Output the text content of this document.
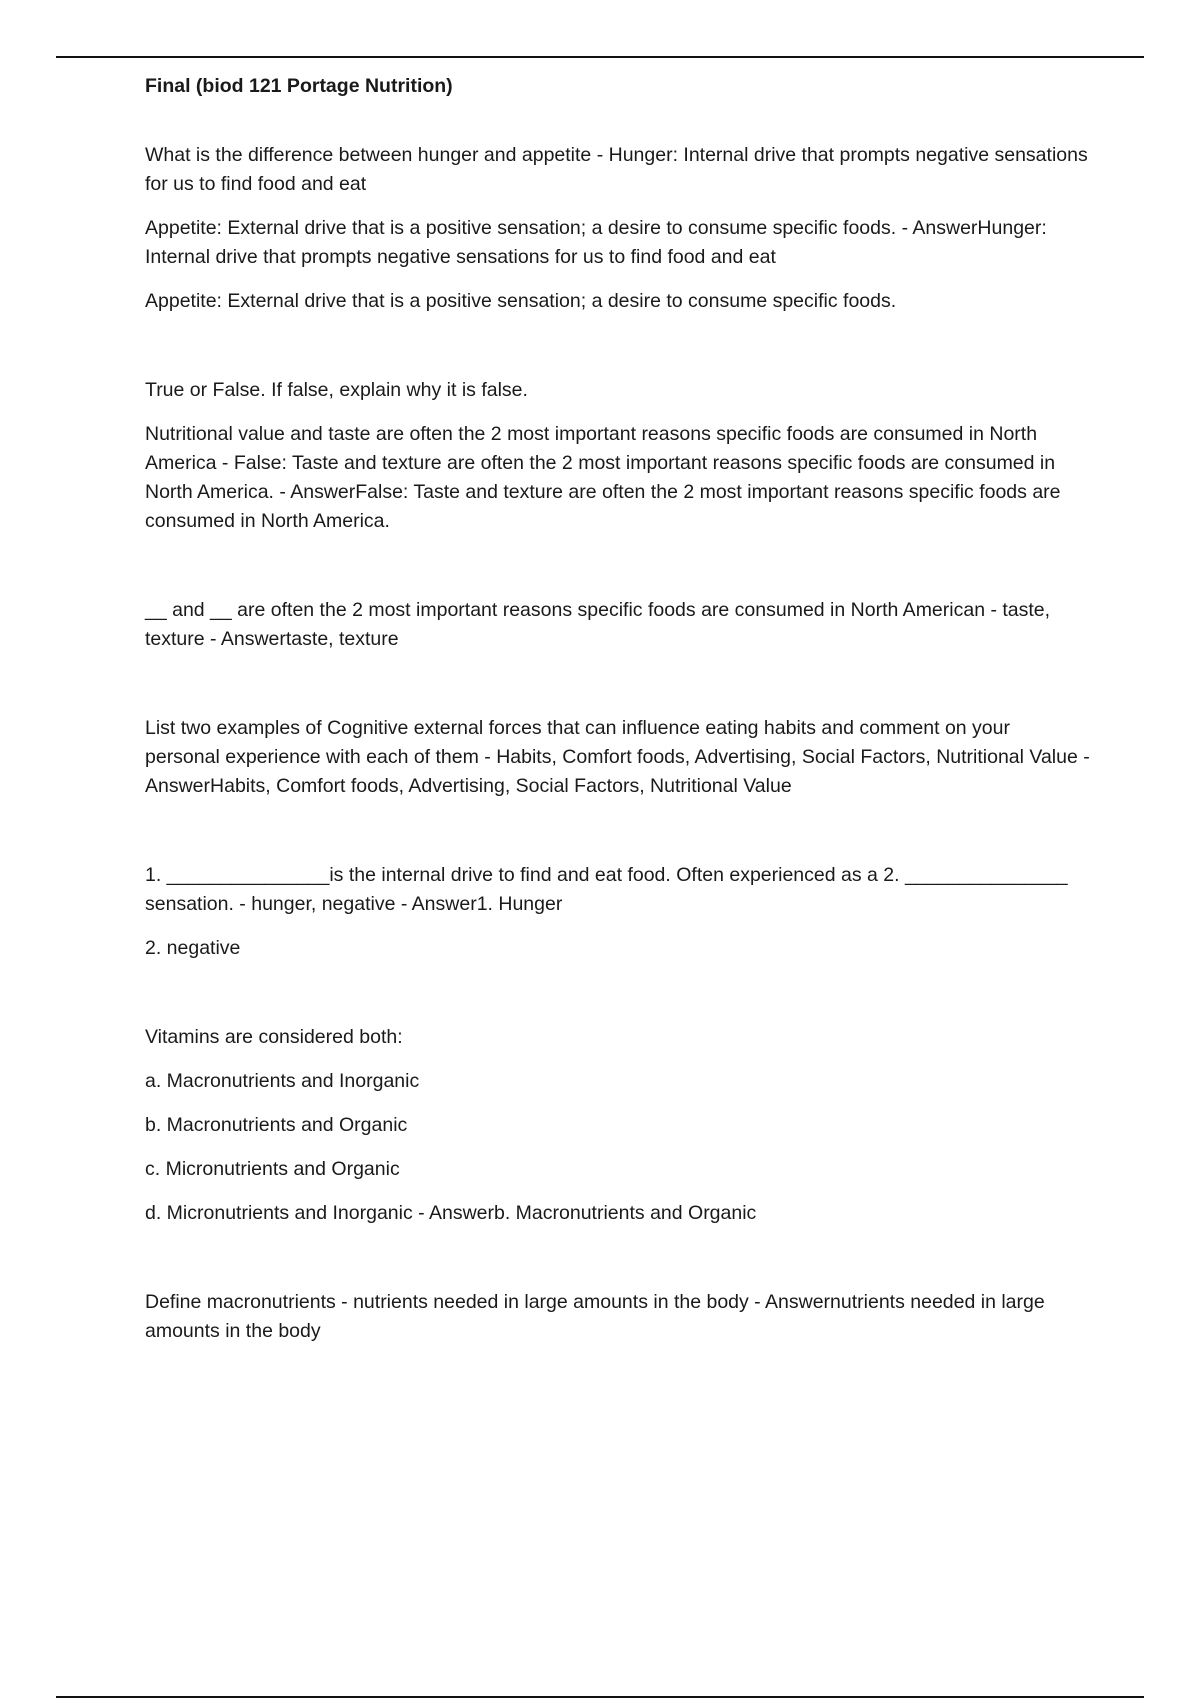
Final (biod 121 Portage Nutrition)
What is the difference between hunger and appetite - Hunger: Internal drive that prompts negative sensations for us to find food and eat
Appetite: External drive that is a positive sensation; a desire to consume specific foods. - AnswerHunger: Internal drive that prompts negative sensations for us to find food and eat
Appetite: External drive that is a positive sensation; a desire to consume specific foods.
True or False. If false, explain why it is false.
Nutritional value and taste are often the 2 most important reasons specific foods are consumed in North America - False: Taste and texture are often the 2 most important reasons specific foods are consumed in North America. - AnswerFalse: Taste and texture are often the 2 most important reasons specific foods are consumed in North America.
__ and __ are often the 2 most important reasons specific foods are consumed in North American - taste, texture - Answertaste, texture
List two examples of Cognitive external forces that can influence eating habits and comment on your personal experience with each of them - Habits, Comfort foods, Advertising, Social Factors, Nutritional Value - AnswerHabits, Comfort foods, Advertising, Social Factors, Nutritional Value
1. _______________is the internal drive to find and eat food. Often experienced as a 2. _______________ sensation. - hunger, negative - Answer1. Hunger
2. negative
Vitamins are considered both:
a. Macronutrients and Inorganic
b. Macronutrients and Organic
c. Micronutrients and Organic
d. Micronutrients and Inorganic - Answerb. Macronutrients and Organic
Define macronutrients - nutrients needed in large amounts in the body - Answernutrients needed in large amounts in the body
